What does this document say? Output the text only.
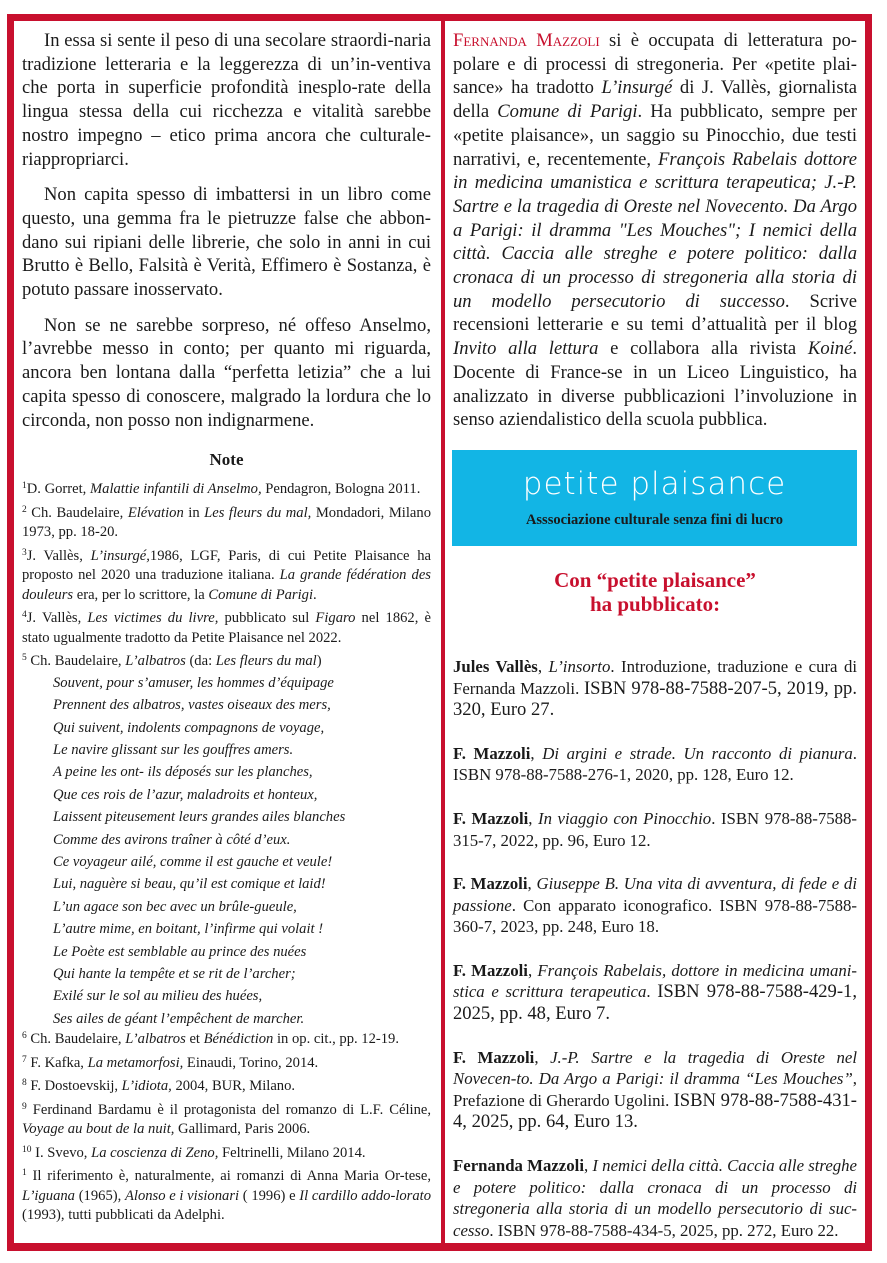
In essa si sente il peso di una secolare straordi-naria tradizione letteraria e la leggerezza di un’in-ventiva che porta in superficie profondità inesplo-rate della lingua stessa della cui ricchezza e vitalità sarebbe nostro impegno – etico prima ancora che culturale- riappropriarci.

Non capita spesso di imbattersi in un libro come questo, una gemma fra le pietruzze false che abbon-dano sui ripiani delle librerie, che solo in anni in cui Brutto è Bello, Falsità è Verità, Effimero è Sostanza, è potuto passare inosservato.

Non se ne sarebbe sorpreso, né offeso Anselmo, l’avrebbe messo in conto; per quanto mi riguarda, ancora ben lontana dalla “perfetta letizia” che a lui capita spesso di conoscere, malgrado la lordura che lo circonda, non posso non indignarmene.

Note

$^1$D. Gorret, Malattie infantili di Anselmo, Pendagron, Bologna 2011.

$^2$ Ch. Baudelaire, Elévation in Les fleurs du mal, Mondadori, Milano 1973, pp. 18-20.

$^3$J. Vallès, L’insurgé,1986, LGF, Paris, di cui Petite Plaisance ha proposto nel 2020 una traduzione italiana. La grande fédération des douleurs era, per lo scrittore, la Comune di Parigi.

$^4$J. Vallès, Les victimes du livre, pubblicato sul Figaro nel 1862, è stato ugualmente tradotto da Petite Plaisance nel 2022.

$^5$ Ch. Baudelaire, L’albatros (da: Les fleurs du mal)

Souvent, pour s’amuser, les hommes d’équipage
Prennent des albatros, vastes oiseaux des mers,
Qui suivent, indolents compagnons de voyage,
Le navire glissant sur les gouffres amers.
A peine les ont- ils déposés sur les planches,
Que ces rois de l’azur, maladroits et honteux,
Laissent piteusement leurs grandes ailes blanches
Comme des avirons traîner à côté d’eux.
Ce voyageur ailé, comme il est gauche et veule!
Lui, naguère si beau, qu’il est comique et laid!
L’un agace son bec avec un brûle-gueule,
L’autre mime, en boitant, l’infirme qui volait !
Le Poète est semblable au prince des nuées
Qui hante la tempête et se rit de l’archer;
Exilé sur le sol au milieu des huées,
Ses ailes de géant l’empêchent de marcher.

$^6$ Ch. Baudelaire, L’albatros et Bénédiction in op. cit., pp. 12-19.

$^7$ F. Kafka, La metamorfosi, Einaudi, Torino, 2014.

$^8$ F. Dostoevskij, L’idiota, 2004, BUR, Milano.

$^9$ Ferdinand Bardamu è il protagonista del romanzo di L.F. Céline, Voyage au bout de la nuit, Gallimard, Paris 2006.

$^{10}$ I. Svevo, La coscienza di Zeno, Feltrinelli, Milano 2014.

$^1$ Il riferimento è, naturalmente, ai romanzi di Anna Maria Or-tese, L’iguana (1965), Alonso e i visionari ( 1996) e Il cardillo addo-lorato (1993), tutti pubblicati da Adelphi.

Fernanda Mazzoli si è occupata di letteratura po-polare e di processi di stregoneria. Per «petite plai-sance» ha tradotto L’insurgé di J. Vallès, giornalista della Comune di Parigi. Ha pubblicato, sempre per «petite plaisance», un saggio su Pinocchio, due testi narrativi, e, recentemente, François Rabelais dottore in medicina umanistica e scrittura terapeutica; J.-P. Sartre e la tragedia di Oreste nel Novecento. Da Argo a Parigi: il dramma "Les Mouches"; I nemici della città. Caccia alle streghe e potere politico: dalla cronaca di un processo di stregoneria alla storia di un modello persecutorio di successo. Scrive recensioni letterarie e su temi d’attualità per il blog Invito alla lettura e collabora alla rivista Koiné. Docente di France-se in un Liceo Linguistico, ha analizzato in diverse pubblicazioni l’involuzione in senso aziendalistico della scuola pubblica.

petite plaisance
Asssociazione culturale senza fini di lucro
Con “petite plaisance”
ha pubblicato:

Jules Vallès, L’insorto. Introduzione, traduzione e cura di Fernanda Mazzoli. ISBN 978-88-7588-207-5, 2019, pp. 320, Euro 27.

F. Mazzoli, Di argini e strade. Un racconto di pianura. ISBN 978-88-7588-276-1, 2020, pp. 128, Euro 12.

F. Mazzoli, In viaggio con Pinocchio. ISBN 978-88-7588-315-7, 2022, pp. 96, Euro 12.

F. Mazzoli, Giuseppe B. Una vita di avventura, di fede e di passione. Con apparato iconografico. ISBN 978-88-7588-360-7, 2023, pp. 248, Euro 18.

F. Mazzoli, François Rabelais, dottore in medicina umani-stica e scrittura terapeutica. ISBN 978-88-7588-429-1, 2025, pp. 48, Euro 7.

F. Mazzoli, J.-P. Sartre e la tragedia di Oreste nel Novecen-to. Da Argo a Parigi: il dramma “Les Mouches”, Prefazione di Gherardo Ugolini. ISBN 978-88-7588-431-4, 2025, pp. 64, Euro 13.

Fernanda Mazzoli, I nemici della città. Caccia alle streghe e potere politico: dalla cronaca di un processo di stregoneria alla storia di un modello persecutorio di suc-cesso. ISBN 978-88-7588-434-5, 2025, pp. 272, Euro 22.
